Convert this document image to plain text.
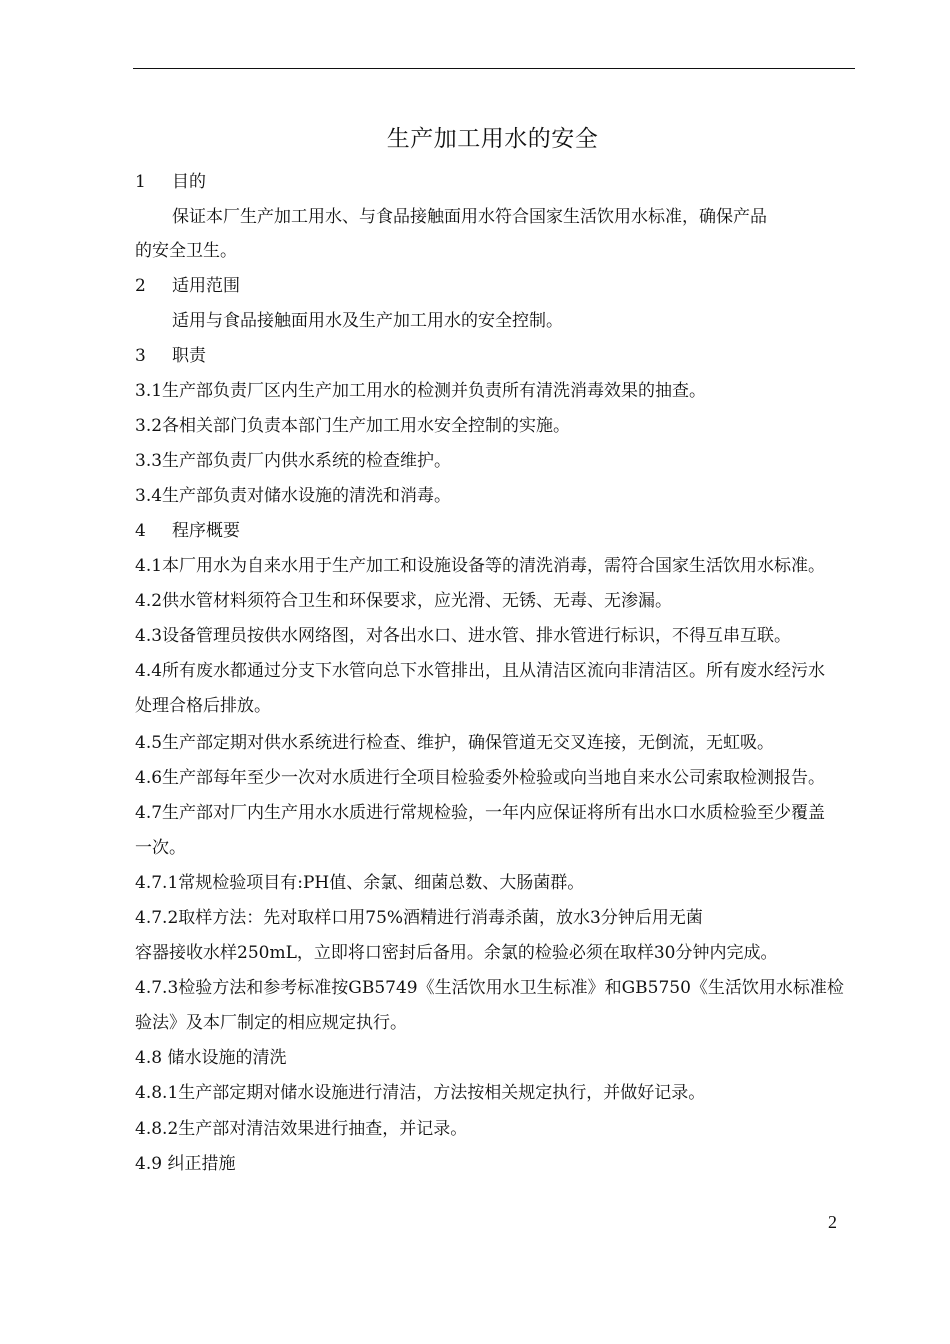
生产加工用水的安全
1 目的
保证本厂生产加工用水、与食品接触面用水符合国家生活饮用水标准，确保产品
的安全卫生。
2 适用范围
适用与食品接触面用水及生产加工用水的安全控制。
3 职责
3.1生产部负责厂区内生产加工用水的检测并负责所有清洗消毒效果的抽查。
3.2各相关部门负责本部门生产加工用水安全控制的实施。
3.3生产部负责厂内供水系统的检查维护。
3.4生产部负责对储水设施的清洗和消毒。
4 程序概要
4.1本厂用水为自来水用于生产加工和设施设备等的清洗消毒，需符合国家生活饮用水标准。
4.2供水管材料须符合卫生和环保要求，应光滑、无锈、无毒、无渗漏。
4.3设备管理员按供水网络图，对各出水口、进水管、排水管进行标识，不得互串互联。
4.4所有废水都通过分支下水管向总下水管排出，且从清洁区流向非清洁区。所有废水经污水
处理合格后排放。
4.5生产部定期对供水系统进行检查、维护，确保管道无交叉连接，无倒流，无虹吸。
4.6生产部每年至少一次对水质进行全项目检验委外检验或向当地自来水公司索取检测报告。
4.7生产部对厂内生产用水水质进行常规检验，一年内应保证将所有出水口水质检验至少覆盖
一次。
4.7.1常规检验项目有:PH值、余氯、细菌总数、大肠菌群。
4.7.2取样方法：先对取样口用75%酒精进行消毒杀菌，放水3分钟后用无菌
容器接收水样250mL，立即将口密封后备用。余氯的检验必须在取样30分钟内完成。
4.7.3检验方法和参考标准按GB5749《生活饮用水卫生标准》和GB5750《生活饮用水标准检
验法》及本厂制定的相应规定执行。
4.8 储水设施的清洗
4.8.1生产部定期对储水设施进行清洁，方法按相关规定执行，并做好记录。
4.8.2生产部对清洁效果进行抽查，并记录。
4.9 纠正措施
2
